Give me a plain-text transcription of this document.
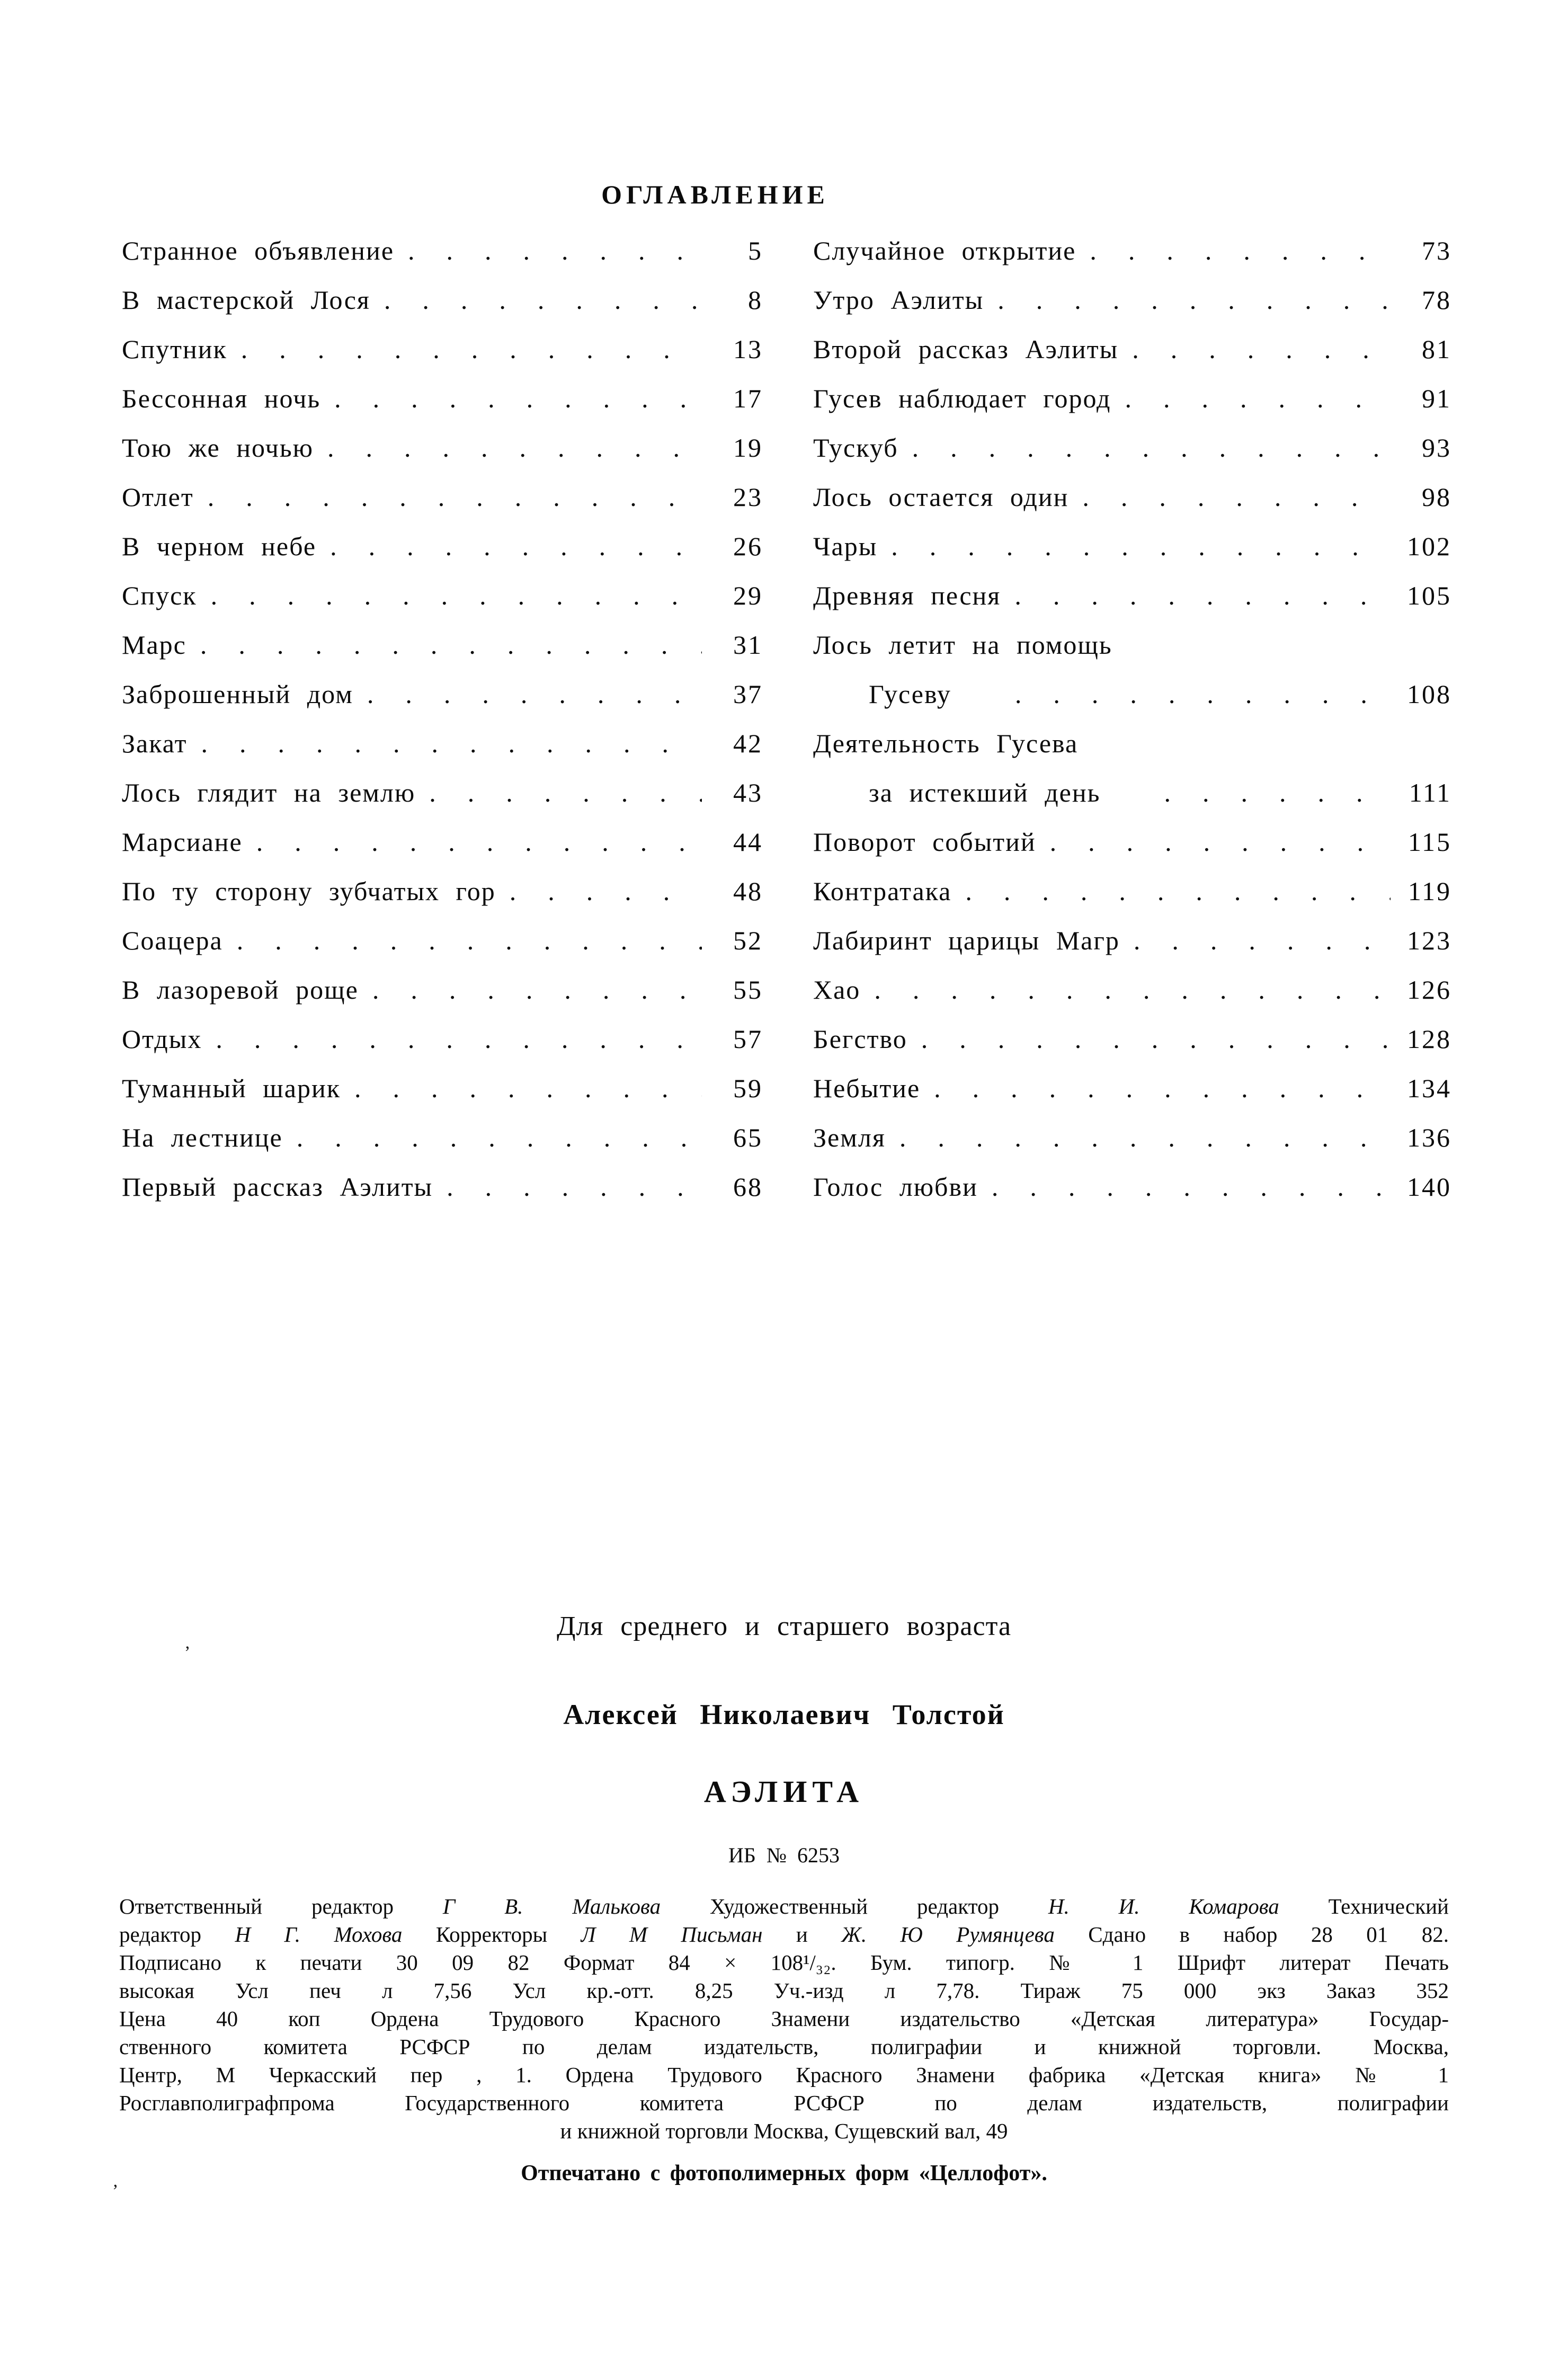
ОГЛАВЛЕНИЕ
Странное объявление .....	5
В мастерской Лося .....	8
Спутник .....	13
Бессонная ночь .....	17
Тою же ночью .....	19
Отлет .....	23
В черном небе .....	26
Спуск .....	29
Марс .....	31
Заброшенный дом .....	37
Закат .....	42
Лось глядит на землю .....	43
Марсиане .....	44
По ту сторону зубчатых гор .....	48
Соацера .....	52
В лазоревой роще .....	55
Отдых .....	57
Туманный шарик .....	59
На лестнице .....	65
Первый рассказ Аэлиты .....	68
Случайное открытие .....	73
Утро Аэлиты .....	78
Второй рассказ Аэлиты .....	81
Гусев наблюдает город .....	91
Тускуб .....	93
Лось остается один .....	98
Чары .....	102
Древняя песня .....	105
Лось летит на помощь
Гусеву .....	108
Деятельность Гусева
за истекший день .....	111
Поворот событий .....	115
Контратака .....	119
Лабиринт царицы Магр .....	123
Хао .....	126
Бегство .....	128
Небытие .....	134
Земля .....	136
Голос любви .....	140
Для среднего и старшего возраста
Алексей Николаевич Толстой
АЭЛИТА
ИБ № 6253
Ответственный редактор Г В. Малькова Художественный редактор Н. И. Комарова Технический
редактор Н Г. Мохова Корректоры Л М Письман и Ж. Ю Румянцева Сдано в набор 28 01 82.
Подписано к печати 30 09 82 Формат 84 × 108¹/₃₂. Бум. типогр. № 1 Шрифт литерат Печать
высокая Усл печ л 7,56 Усл кр.-отт. 8,25 Уч.-изд л 7,78. Тираж 75 000 экз Заказ 352
Цена 40 коп Ордена Трудового Красного Знамени издательство «Детская литература» Государ-
ственного комитета РСФСР по делам издательств, полиграфии и книжной торговли. Москва,
Центр, М Черкасский пер , 1. Ордена Трудового Красного Знамени фабрика «Детская книга» № 1
Росглавполиграфпрома Государственного комитета РСФСР по делам издательств, полиграфии
и книжной торговли Москва, Сущевский вал, 49
Отпечатано с фотополимерных форм «Целлофот».
‚
‚
